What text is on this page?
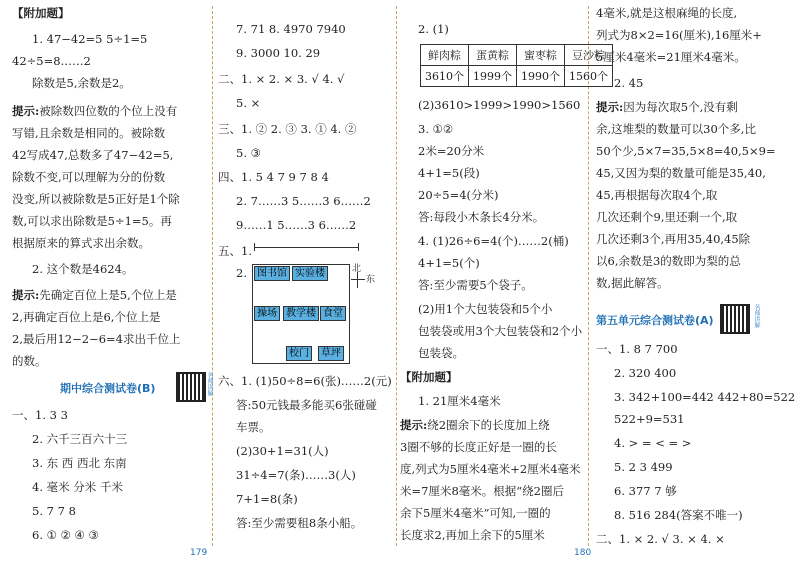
期中综合测试卷(B)	名师讲解
图书馆 实验楼
操场 教学楼 食堂
校门	草坪
北
东
鲜肉粽	蛋黄粽	蜜枣粽	豆沙粽
3610个	1999个	1990个	1560个
第五单元综合测试卷(A)	名师讲解
179	180
【附加题】
1. 47−42=5 5÷1=5
42÷5=8……2
除数是5,余数是2。
提示:被除数四位数的个位上没有
写错,且余数是相同的。被除数
42写成47,总数多了47−42=5,
除数不变,可以理解为分的份数
没变,所以被除数是5正好是1个除
数,可以求出除数是5÷1=5。再
根据原来的算式求出余数。
2. 这个数是4624。
提示:先确定百位上是5,个位上是
2,再确定百位上是6,个位上是
2,最后用12−2−6=4求出千位上
的数。
一、1. 3 3
2. 六千三百六十三
3. 东 西 西北 东南
4. 毫米 分米 千米
5. 7 7 8
6. ① ② ④ ③
7. 71 8. 4970 7940
9. 3000 10. 29
二、1. × 2. × 3. √ 4. √
5. ×
三、1. ② 2. ③ 3. ① 4. ②
5. ③
四、1. 5 4 7 9 7 8 4
2. 7……3 5……3 6……2
9……1 5……3 6……2
五、1.
2.
六、1. (1)50÷8=6(张)……2(元)
答:50元钱最多能买6张碰碰
车票。
(2)30+1=31(人)
31÷4=7(条)……3(人)
7+1=8(条)
答:至少需要租8条小船。
2. (1)
(2)3610>1999>1990>1560
3. ①②
2米=20分米
4+1=5(段)
20÷5=4(分米)
答:每段小木条长4分米。
4. (1)26÷6=4(个)……2(桶)
4+1=5(个)
答:至少需要5个袋子。
(2)用1个大包装袋和5个小
包装袋或用3个大包装袋和2个小
包装袋。
【附加题】
1. 21厘米4毫米
提示:绕2圈余下的长度加上绕
3圈不够的长度正好是一圈的长
度,列式为5厘米4毫米+2厘米4毫米
米=7厘米8毫米。根据“绕2圈后
余下5厘米4毫米”可知,一圈的
长度求2,再加上余下的5厘米
4毫米,就是这根麻绳的长度,
列式为8×2=16(厘米),16厘米+
5厘米4毫米=21厘米4毫米。
2. 45
提示:因为每次取5个,没有剩
余,这堆梨的数量可以30个多,比
50个少,5×7=35,5×8=40,5×9=
45,又因为梨的数量可能是35,40,
45,再根据每次取4个,取
几次还剩个9,里还剩一个,取
几次还剩3个,再用35,40,45除
以6,余数是3的数即为梨的总
数,据此解答。
一、1. 8 7 700
2. 320 400
3. 342+100=442 442+80=522
522+9=531
4. > = < = >
5. 2 3 499
6. 377 7 够
8. 516 284(答案不唯一)
二、1. × 2. √ 3. × 4. ×
